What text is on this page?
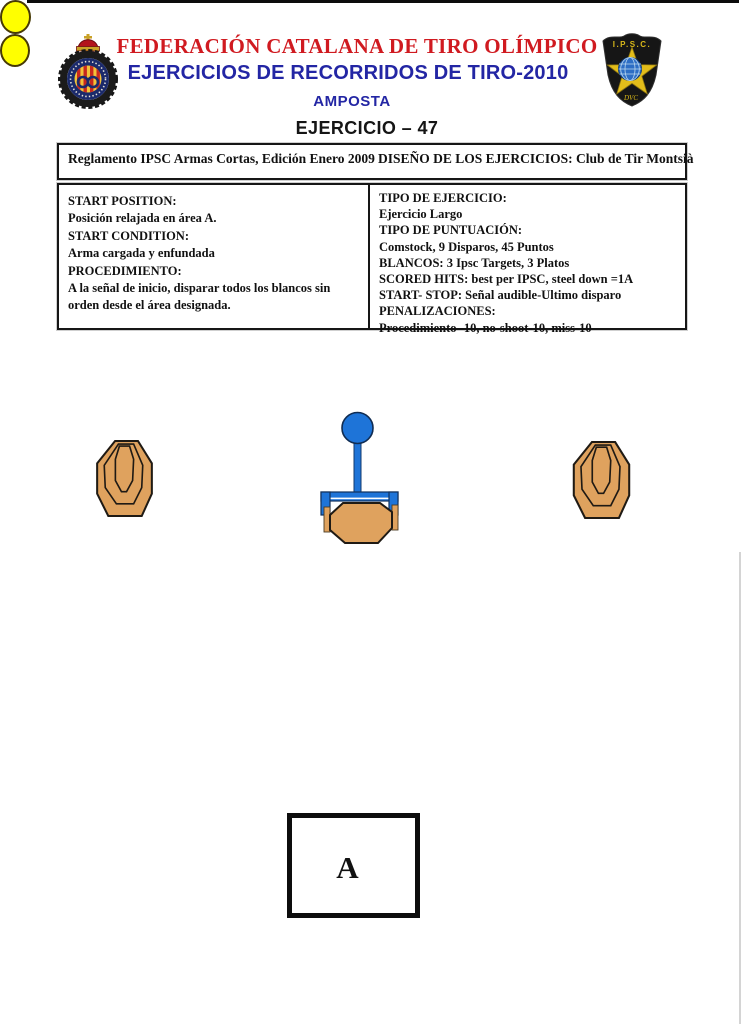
I.P.S.C.
DVC
FEDERACIÓN CATALANA DE TIRO OLÍMPICO
EJERCICIOS DE RECORRIDOS DE TIRO-2010
AMPOSTA
EJERCICIO – 47
Reglamento IPSC Armas Cortas, Edición Enero 2009 DISEÑO DE LOS EJERCICIOS: Club de Tir Montsià

START POSITION:

Posición relajada en área A.

START CONDITION:

Arma cargada y enfundada

PROCEDIMIENTO:

A la señal de inicio, disparar todos los blancos sin orden desde el área designada.

TIPO DE EJERCICIO:

Ejercicio Largo

TIPO DE PUNTUACIÓN:

Comstock, 9 Disparos, 45 Puntos

BLANCOS: 3 Ipsc Targets, 3 Platos

SCORED HITS: best per IPSC, steel down =1A

START- STOP: Señal audible-Ultimo disparo

PENALIZACIONES:

Procedimiento -10, no-shoot-10, miss-10

A
